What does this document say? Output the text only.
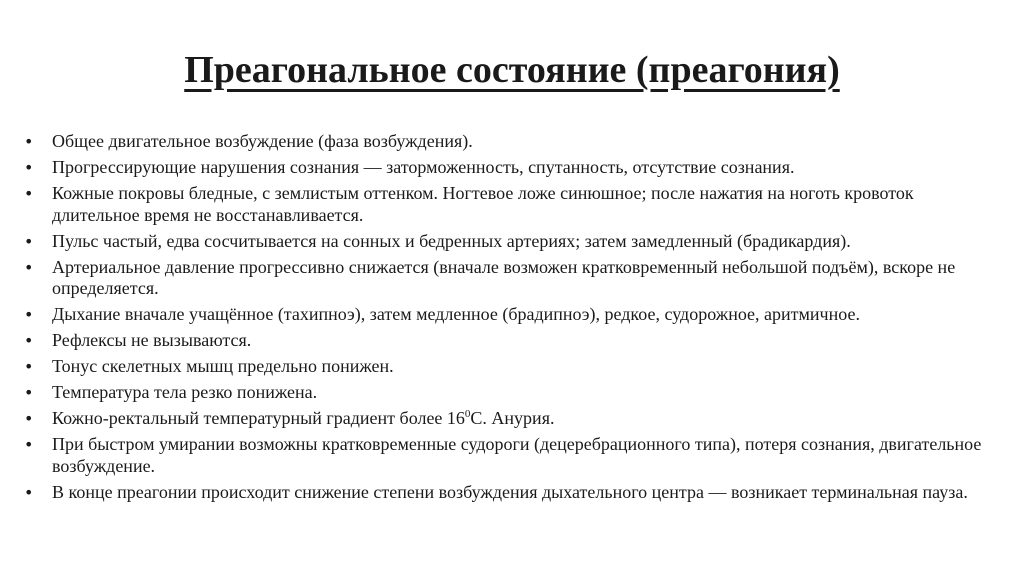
Преагональное состояние (преагония)
• Общее двигательное возбуждение (фаза возбуждения).
• Прогрессирующие нарушения сознания — заторможенность, спутанность, отсутствие сознания.
• Кожные покровы бледные, с землистым оттенком. Ногтевое ложе синюшное; после нажатия на ноготь кровоток длительное время не восстанавливается.
• Пульс частый, едва сосчитывается на сонных и бедренных артериях; затем замедленный (брадикардия).
• Артериальное давление прогрессивно снижается (вначале возможен кратковременный небольшой подъём), вскоре не определяется.
• Дыхание вначале учащённое (тахипноэ), затем медленное (брадипноэ), редкое, судорожное, аритмичное.
• Рефлексы не вызываются.
• Тонус скелетных мышц предельно понижен.
• Температура тела резко понижена.
• Кожно-ректальный температурный градиент более $16^0С$. Анурия.
• При быстром умирании возможны кратковременные судороги (децеребрационного типа), потеря сознания, двигательное возбуждение.
• В конце преагонии происходит снижение степени возбуждения дыхательного центра — возникает терминальная пауза.
